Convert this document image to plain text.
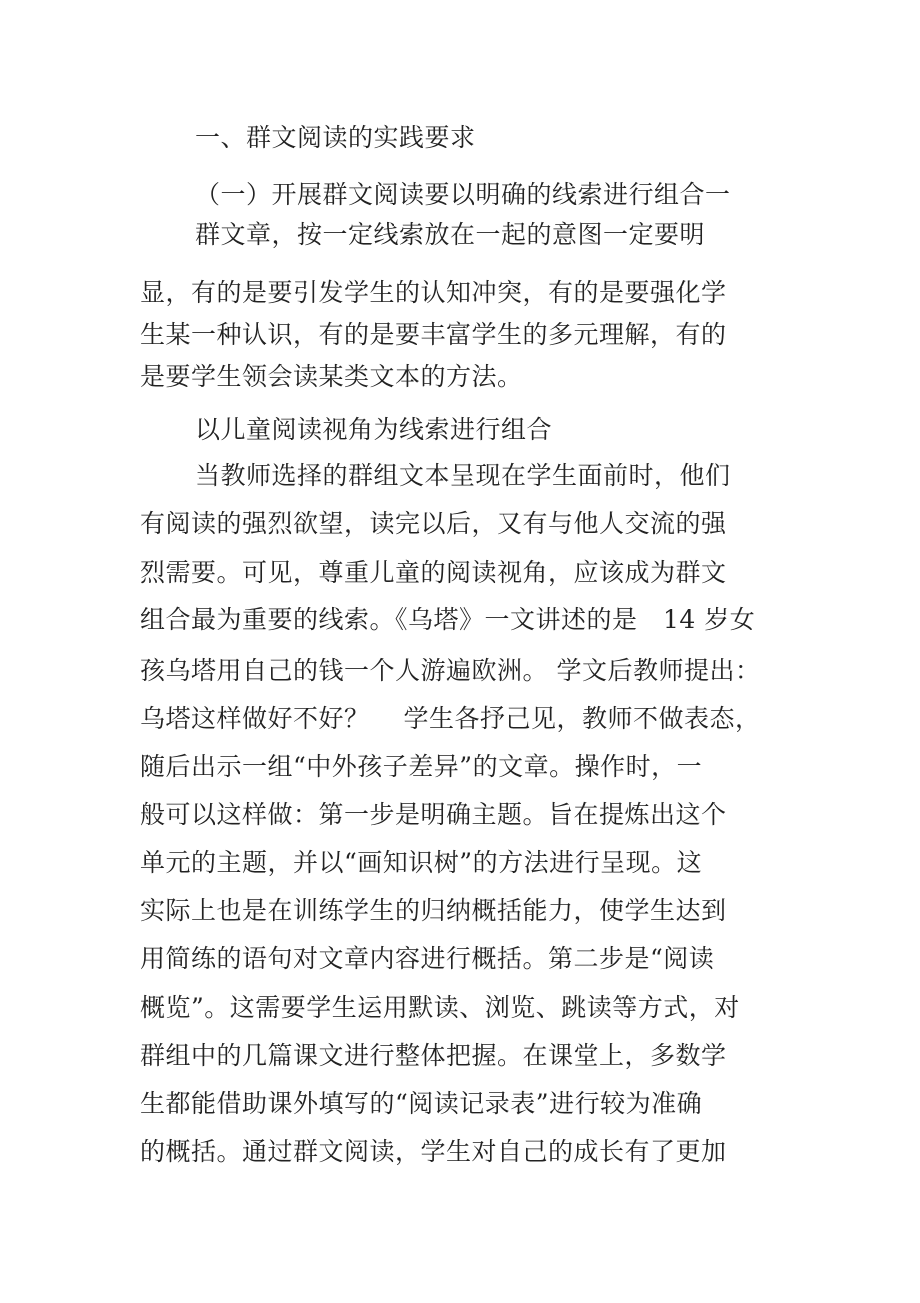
一、群文阅读的实践要求
（一）开展群文阅读要以明确的线索进行组合一
群文章，按一定线索放在一起的意图一定要明
显，有的是要引发学生的认知冲突，有的是要强化学
生某一种认识，有的是要丰富学生的多元理解，有的
是要学生领会读某类文本的方法。
以儿童阅读视角为线索进行组合
当教师选择的群组文本呈现在学生面前时，他们
有阅读的强烈欲望，读完以后，又有与他人交流的强
烈需要。可见，尊重儿童的阅读视角，应该成为群文
组合最为重要的线索。《乌塔》一文讲述的是　14 岁女
孩乌塔用自己的钱一个人游遍欧洲。 学文后教师提出：
乌塔这样做好不好？　 学生各抒己见，教师不做表态，
随后出示一组“中外孩子差异”的文章。操作时，一
般可以这样做：第一步是明确主题。旨在提炼出这个
单元的主题，并以“画知识树”的方法进行呈现。这
实际上也是在训练学生的归纳概括能力，使学生达到
用简练的语句对文章内容进行概括。第二步是“阅读
概览”。这需要学生运用默读、浏览、跳读等方式，对
群组中的几篇课文进行整体把握。在课堂上，多数学
生都能借助课外填写的“阅读记录表”进行较为准确
的概括。通过群文阅读，学生对自己的成长有了更加
